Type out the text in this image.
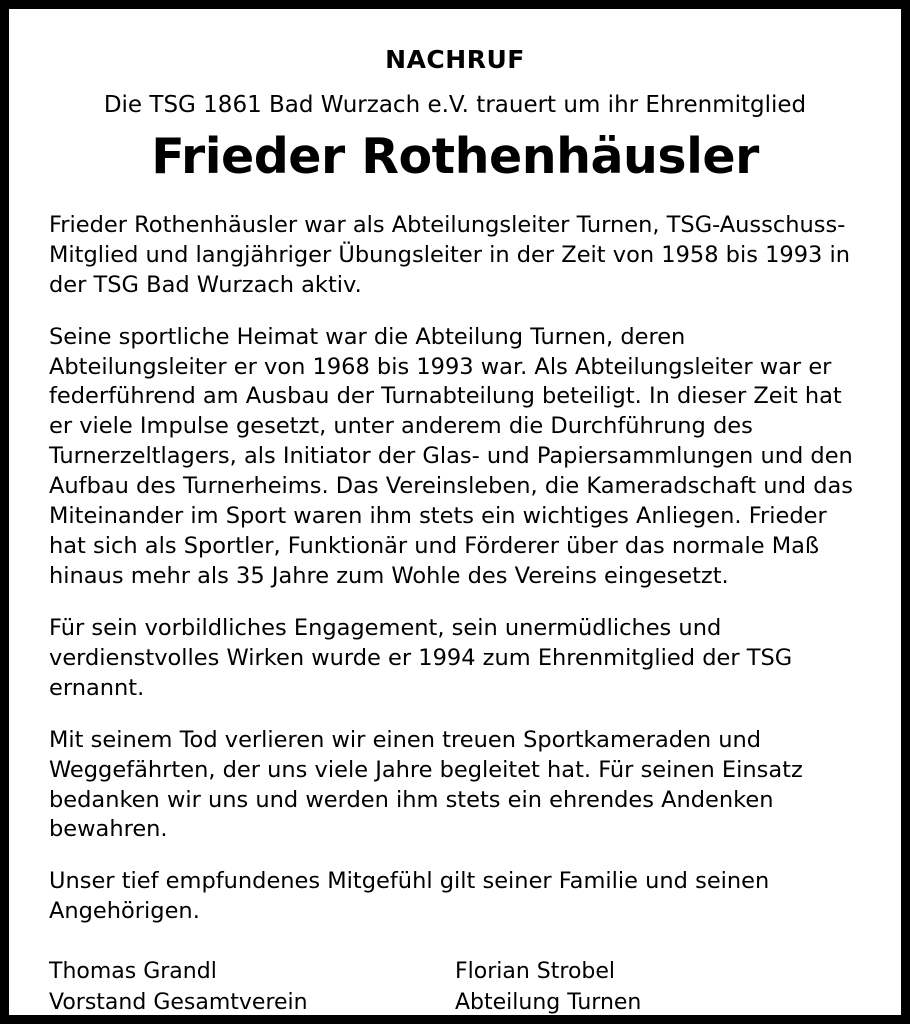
NACHRUF
Die TSG 1861 Bad Wurzach e.V. trauert um ihr Ehrenmitglied
Frieder Rothenhäusler

Frieder Rothenhäusler war als Abteilungsleiter Turnen, TSG-Ausschuss-Mitglied und langjähriger Übungsleiter in der Zeit von 1958 bis 1993 in der TSG Bad Wurzach aktiv.

Seine sportliche Heimat war die Abteilung Turnen, deren Abteilungsleiter er von 1968 bis 1993 war. Als Abteilungsleiter war er federführend am Ausbau der Turnabteilung beteiligt. In dieser Zeit hat er viele Impulse gesetzt, unter anderem die Durchführung des Turnerzeltlagers, als Initiator der Glas- und Papiersammlungen und den Aufbau des Turnerheims. Das Vereinsleben, die Kameradschaft und das Miteinander im Sport waren ihm stets ein wichtiges Anliegen. Frieder hat sich als Sportler, Funktionär und Förderer über das normale Maß hinaus mehr als 35 Jahre zum Wohle des Vereins eingesetzt.

Für sein vorbildliches Engagement, sein unermüdliches und verdienstvolles Wirken wurde er 1994 zum Ehrenmitglied der TSG ernannt.

Mit seinem Tod verlieren wir einen treuen Sportkameraden und Weggefährten, der uns viele Jahre begleitet hat. Für seinen Einsatz bedanken wir uns und werden ihm stets ein ehrendes Andenken bewahren.

Unser tief empfundenes Mitgefühl gilt seiner Familie und seinen Angehörigen.

Thomas Grandl
Vorstand Gesamtverein
Florian Strobel
Abteilung Turnen
